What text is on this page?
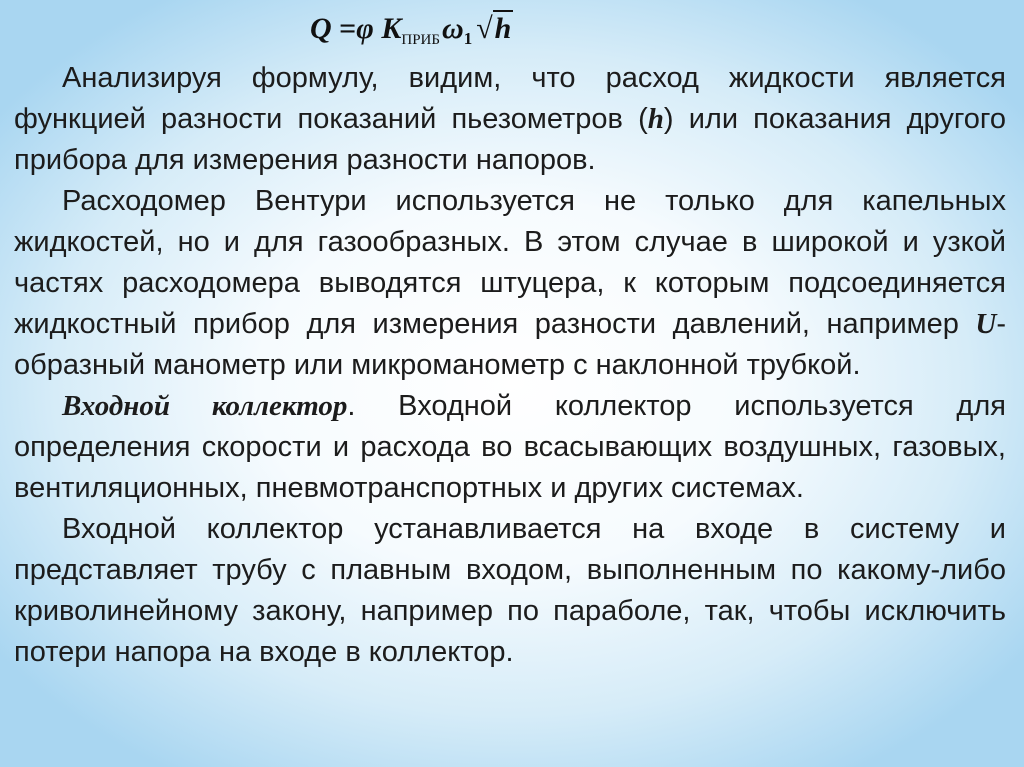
Q =φ $K_{ПРИБ}\omega_1$ √h

Анализируя формулу, видим, что расход жидкости является функцией разности показаний пьезометров (h) или показания другого прибора для измерения разности напоров.

Расходомер Вентури используется не только для капельных жидкостей, но и для газообразных. В этом случае в широкой и узкой частях расходомера выводятся штуцера, к которым подсоединяется жидкостный прибор для измерения разности давлений, например U-образный манометр или микроманометр с наклонной трубкой.

Входной коллектор. Входной коллектор используется для определения скорости и расхода во всасывающих воздушных, газовых, вентиляционных, пневмотранспортных и других системах.

Входной коллектор устанавливается на входе в систему и представляет трубу с плавным входом, выполненным по какому-либо криволинейному закону, например по параболе, так, чтобы исключить потери напора на входе в коллектор.
